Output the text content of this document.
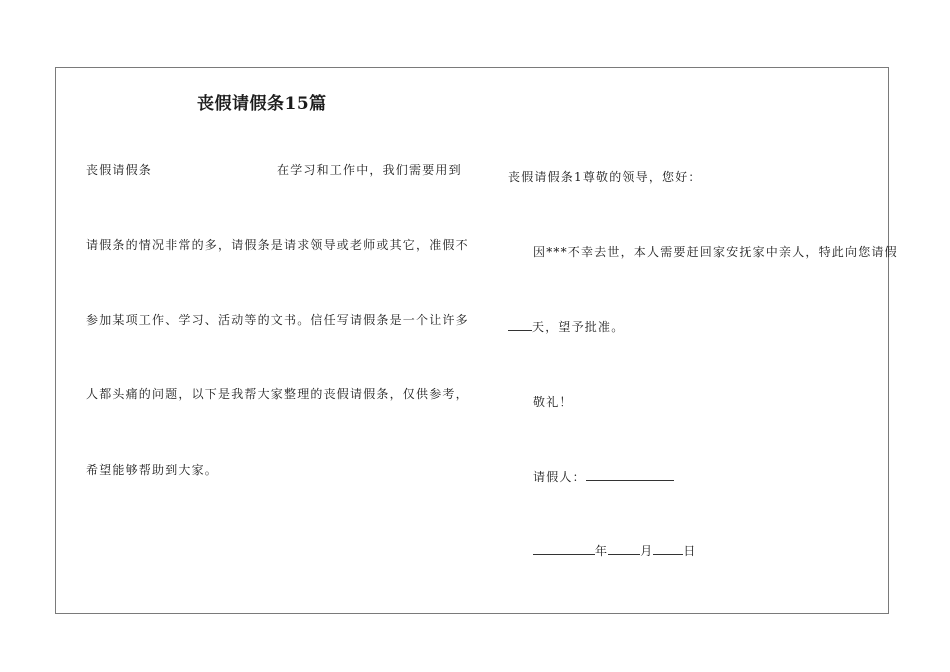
丧假请假条15篇
丧假请假条	在学习和工作中，我们需要用到
请假条的情况非常的多，请假条是请求领导或老师或其它，准假不
参加某项工作、学习、活动等的文书。信任写请假条是一个让许多
人都头痛的问题，以下是我帮大家整理的丧假请假条，仅供参考，
希望能够帮助到大家。
丧假请假条1尊敬的领导，您好：
因***不幸去世，本人需要赶回家安抚家中亲人，特此向您请假
天，望予批准。
敬礼！
请假人：
年	月	日
